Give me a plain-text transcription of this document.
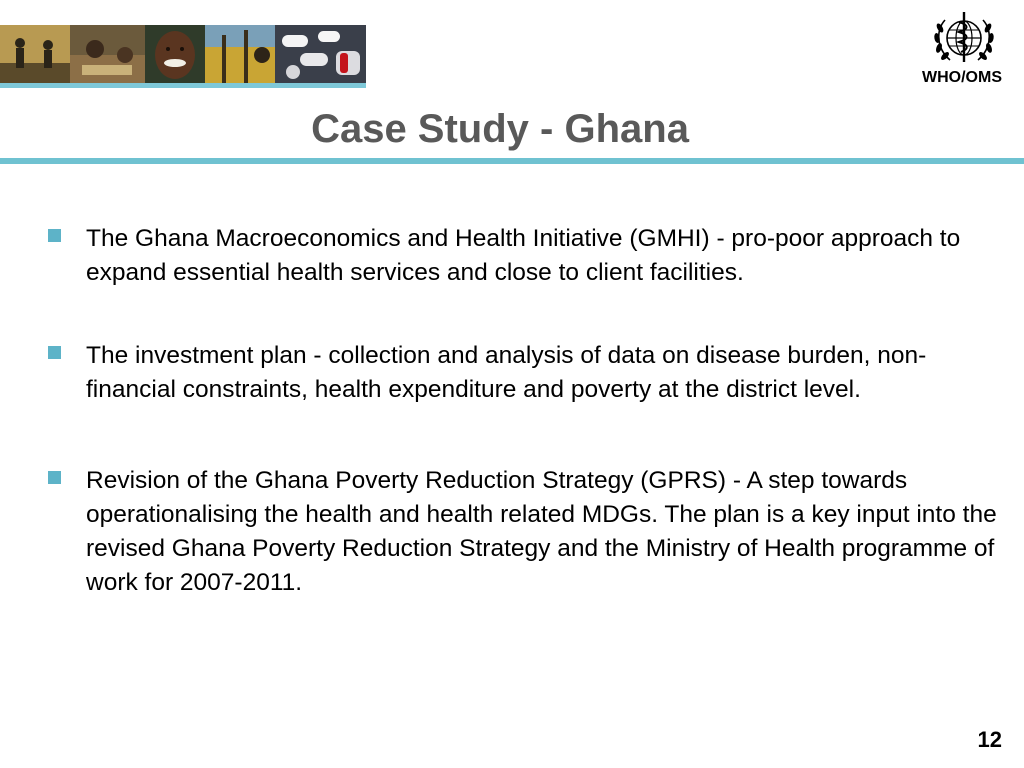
WHO/OMS
Case Study - Ghana
The Ghana Macroeconomics and Health Initiative (GMHI) - pro-poor approach to expand essential health services and close to client facilities.
The investment plan - collection and analysis of data on disease burden, non-financial constraints, health expenditure and poverty at the district level.
Revision of the Ghana Poverty Reduction Strategy (GPRS) - A step towards operationalising the health and health related MDGs. The plan is a key input into the revised Ghana Poverty Reduction Strategy and the Ministry of Health programme of work for 2007-2011.
12
